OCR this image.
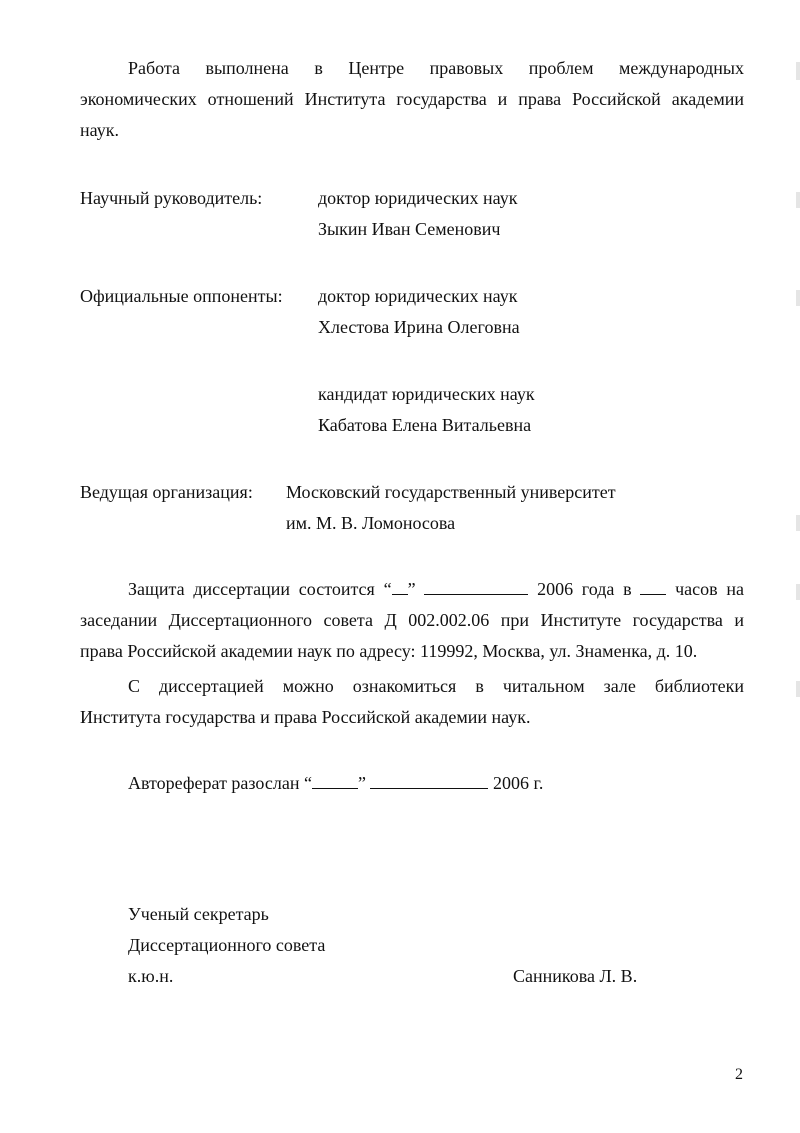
Работа выполнена в Центре правовых проблем международных
экономических отношений Института государства и права Российской академии
наук.
Научный руководитель:	доктор юридических наук
Зыкин Иван Семенович
Официальные оппоненты: доктор юридических наук
Хлестова Ирина Олеговна
кандидат юридических наук
Кабатова Елена Витальевна
Ведущая организация: Московский государственный университет
им. М. В. Ломоносова
Защита диссертации состоится “ ”	2006 года в часов на
заседании Диссертационного совета Д 002.002.06 при Институте государства и
права Российской академии наук по адресу: 119992, Москва, ул. Знаменка, д. 10.
С диссертацией можно ознакомиться в читальном зале библиотеки
Института государства и права Российской академии наук.
Автореферат разослан “	”	2006 г.
Ученый секретарь
Диссертационного совета
к.ю.н.	Санникова Л. В.
2
